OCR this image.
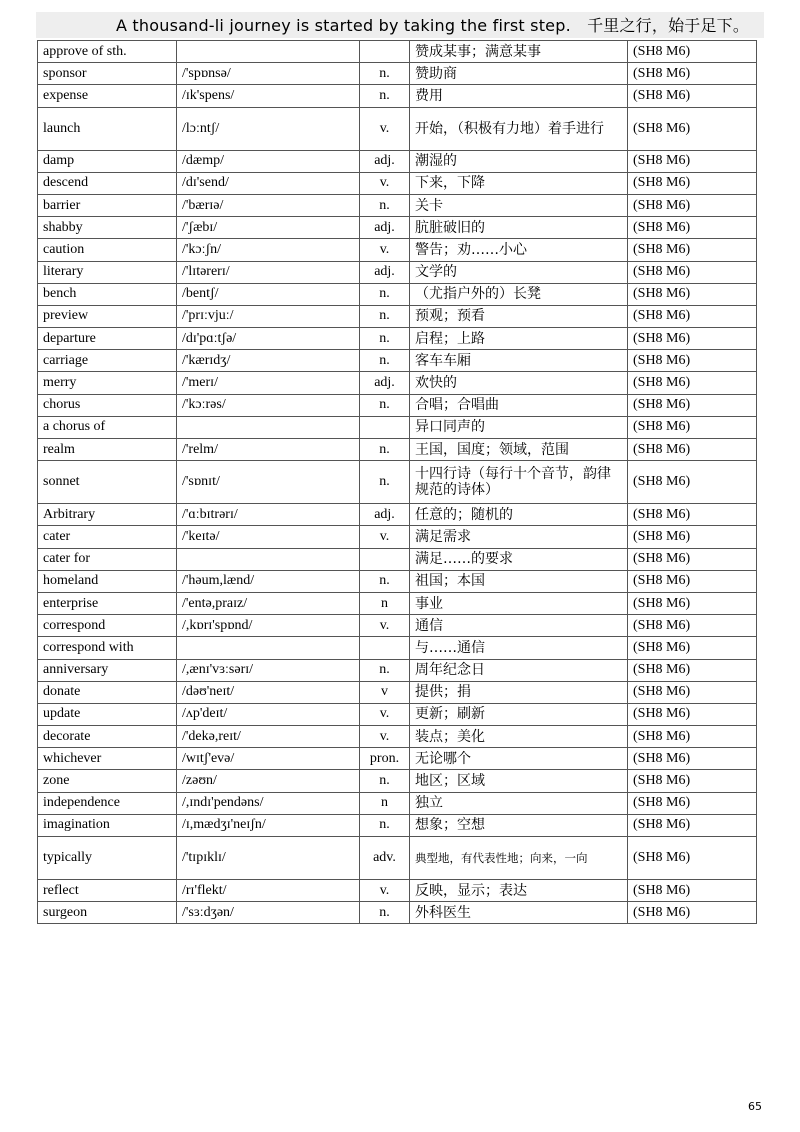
A thousand-li journey is started by taking the first step.　千里之行，始于足下。
approve of sth.			赞成某事；满意某事	(SH8 M6)
sponsor	/'spɒnsə/	n.	赞助商	(SH8 M6)
expense	/ɪk'spens/	n.	费用	(SH8 M6)
launch	/lɔːntʃ/	v.	开始，（积极有力地）着手进行	(SH8 M6)
damp	/dæmp/	adj.	潮湿的	(SH8 M6)
descend	/dɪ'send/	v.	下来，下降	(SH8 M6)
barrier	/'bærɪə/	n.	关卡	(SH8 M6)
shabby	/'ʃæbɪ/	adj.	肮脏破旧的	(SH8 M6)
caution	/'kɔːʃn/	v.	警告；劝……小心	(SH8 M6)
literary	/'lɪtərerɪ/	adj.	文学的	(SH8 M6)
bench	/bentʃ/	n.	（尤指户外的）长凳	(SH8 M6)
preview	/'prɪːvjuː/	n.	预观；预看	(SH8 M6)
departure	/dɪ'pɑːtʃə/	n.	启程；上路	(SH8 M6)
carriage	/'kærɪdʒ/	n.	客车车厢	(SH8 M6)
merry	/'merɪ/	adj.	欢快的	(SH8 M6)
chorus	/'kɔːrəs/	n.	合唱；合唱曲	(SH8 M6)
a chorus of			异口同声的	(SH8 M6)
realm	/'relm/	n.	王国，国度；领域，范围	(SH8 M6)
sonnet	/'sɒnɪt/	n.	十四行诗（每行十个音节，韵律规范的诗体）	(SH8 M6)
Arbitrary	/'ɑːbɪtrərɪ/	adj.	任意的；随机的	(SH8 M6)
cater	/'keɪtə/	v.	满足需求	(SH8 M6)
cater for			满足……的要求	(SH8 M6)
homeland	/'həum,lænd/	n.	祖国；本国	(SH8 M6)
enterprise	/'entə,praɪz/	n	事业	(SH8 M6)
correspond	/,kɒrɪ'spɒnd/	v.	通信	(SH8 M6)
correspond with			与……通信	(SH8 M6)
anniversary	/,ænɪ'vɜːsərɪ/	n.	周年纪念日	(SH8 M6)
donate	/dəʊ'neɪt/	v	提供；捐	(SH8 M6)
update	/ʌp'deɪt/	v.	更新；刷新	(SH8 M6)
decorate	/'dekə,reɪt/	v.	装点；美化	(SH8 M6)
whichever	/wɪtʃ'evə/	pron.	无论哪个	(SH8 M6)
zone	/zəʊn/	n.	地区；区域	(SH8 M6)
independence	/,ɪndɪ'pendəns/	n	独立	(SH8 M6)
imagination	/ɪ,mædʒɪ'neɪʃn/	n.	想象；空想	(SH8 M6)
typically	/'tɪpɪklɪ/	adv.	典型地，有代表性地；向来，一向	(SH8 M6)
reflect	/rɪ'flekt/	v.	反映，显示；表达	(SH8 M6)
surgeon	/'sɜːdʒən/	n.	外科医生	(SH8 M6)
65
